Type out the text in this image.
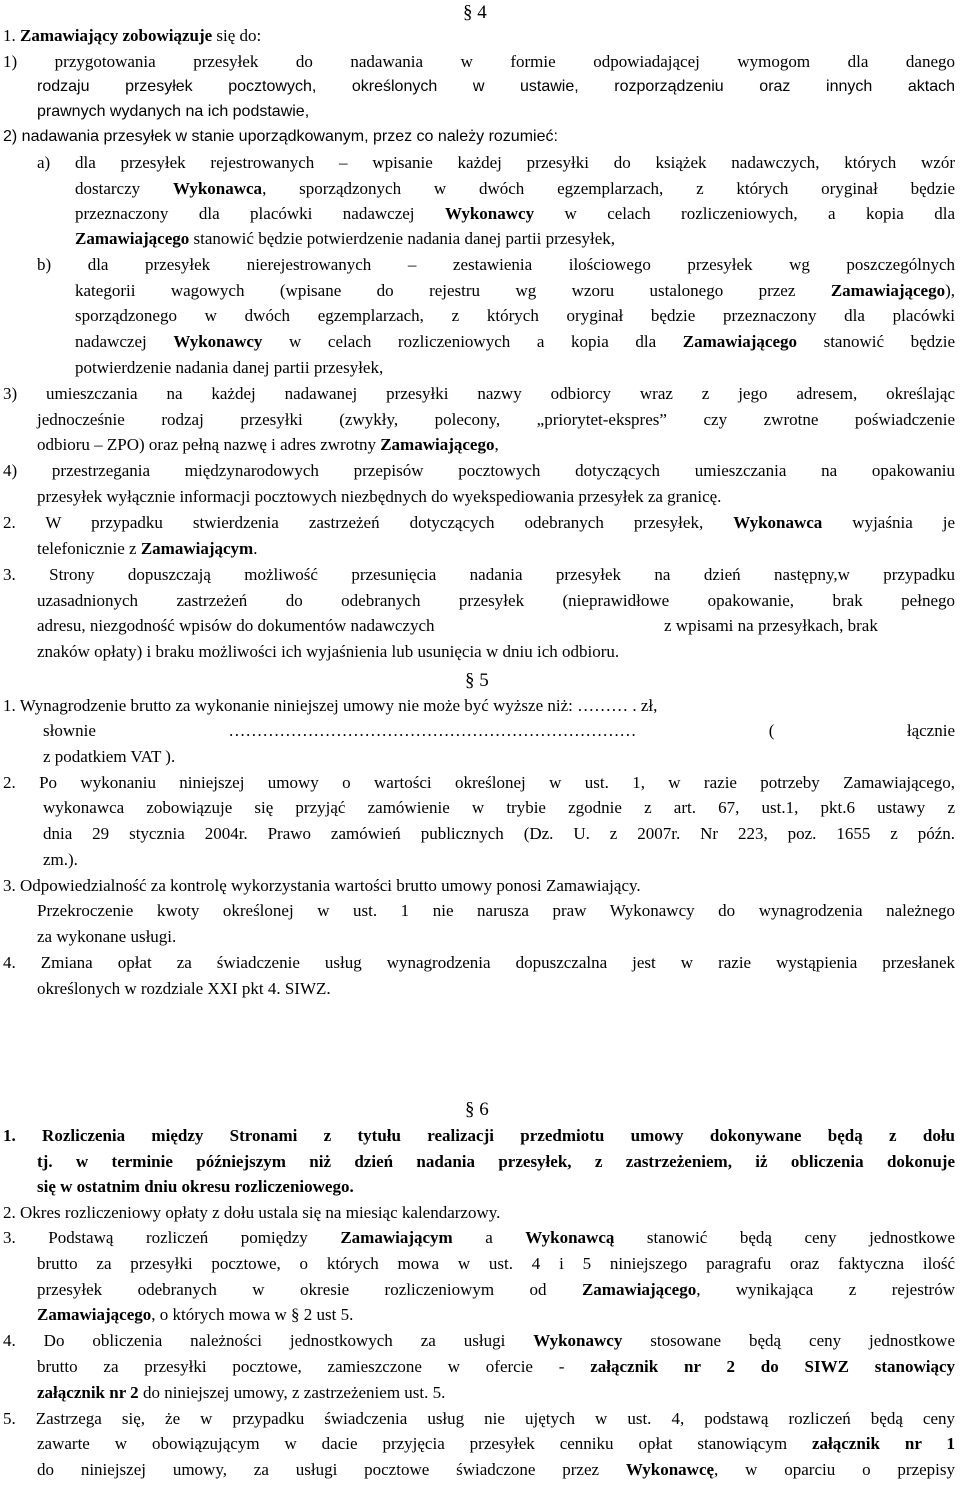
§ 4
1. Zamawiający zobowiązuje się do:
1) przygotowania przesyłek do nadawania w formie odpowiadającej wymogom dla danego
rodzaju przesyłek pocztowych, określonych w ustawie, rozporządzeniu oraz innych aktach
prawnych wydanych na ich podstawie,
2) nadawania przesyłek w stanie uporządkowanym, przez co należy rozumieć:
a) dla przesyłek rejestrowanych – wpisanie każdej przesyłki do książek nadawczych, których wzór
dostarczy Wykonawca, sporządzonych w dwóch egzemplarzach, z których oryginał będzie
przeznaczony dla placówki nadawczej Wykonawcy w celach rozliczeniowych, a kopia dla
Zamawiającego stanowić będzie potwierdzenie nadania danej partii przesyłek,
b) dla przesyłek nierejestrowanych – zestawienia ilościowego przesyłek wg poszczególnych
kategorii wagowych (wpisane do rejestru wg wzoru ustalonego przez Zamawiającego),
sporządzonego w dwóch egzemplarzach, z których oryginał będzie przeznaczony dla placówki
nadawczej Wykonawcy w celach rozliczeniowych a kopia dla Zamawiającego stanowić będzie
potwierdzenie nadania danej partii przesyłek,
3) umieszczania na każdej nadawanej przesyłki nazwy odbiorcy wraz z jego adresem, określając
jednocześnie rodzaj przesyłki (zwykły, polecony, „priorytet-ekspres” czy zwrotne poświadczenie
odbioru – ZPO) oraz pełną nazwę i adres zwrotny Zamawiającego,
4) przestrzegania międzynarodowych przepisów pocztowych dotyczących umieszczania na opakowaniu
przesyłek wyłącznie informacji pocztowych niezbędnych do wyekspediowania przesyłek za granicę.
2. W przypadku stwierdzenia zastrzeżeń dotyczących odebranych przesyłek, Wykonawca wyjaśnia je
telefonicznie z Zamawiającym.
3. Strony dopuszczają możliwość przesunięcia nadania przesyłek na dzień następny,w przypadku
uzasadnionych zastrzeżeń do odebranych przesyłek (nieprawidłowe opakowanie, brak pełnego
adresu, niezgodność wpisów do dokumentów nadawczych	z wpisami na przesyłkach, brak
znaków opłaty) i braku możliwości ich wyjaśnienia lub usunięcia w dniu ich odbioru.
§ 5
1. Wynagrodzenie brutto za wykonanie niniejszej umowy nie może być wyższe niż: ……… . zł,
słownie ……………………………………………………………… ( łącznie
z podatkiem VAT ).
2. Po wykonaniu niniejszej umowy o wartości określonej w ust. 1, w razie potrzeby Zamawiającego,
wykonawca zobowiązuje się przyjąć zamówienie w trybie zgodnie z art. 67, ust.1, pkt.6 ustawy z
dnia 29 stycznia 2004r. Prawo zamówień publicznych (Dz. U. z 2007r. Nr 223, poz. 1655 z późn.
zm.).
3. Odpowiedzialność za kontrolę wykorzystania wartości brutto umowy ponosi Zamawiający.
Przekroczenie kwoty określonej w ust. 1 nie narusza praw Wykonawcy do wynagrodzenia należnego
za wykonane usługi.
4. Zmiana opłat za świadczenie usług wynagrodzenia dopuszczalna jest w razie wystąpienia przesłanek
określonych w rozdziale XXI pkt 4. SIWZ.
§ 6
1. Rozliczenia między Stronami z tytułu realizacji przedmiotu umowy dokonywane będą z dołu
tj. w terminie późniejszym niż dzień nadania przesyłek, z zastrzeżeniem, iż obliczenia dokonuje
się w ostatnim dniu okresu rozliczeniowego.
2. Okres rozliczeniowy opłaty z dołu ustala się na miesiąc kalendarzowy.
3. Podstawą rozliczeń pomiędzy Zamawiającym a Wykonawcą stanowić będą ceny jednostkowe
brutto za przesyłki pocztowe, o których mowa w ust. 4 i 5 niniejszego paragrafu oraz faktyczna ilość
przesyłek odebranych w okresie rozliczeniowym od Zamawiającego, wynikająca z rejestrów
Zamawiającego, o których mowa w § 2 ust 5.
4. Do obliczenia należności jednostkowych za usługi Wykonawcy stosowane będą ceny jednostkowe
brutto za przesyłki pocztowe, zamieszczone w ofercie - załącznik nr 2 do SIWZ stanowiący
załącznik nr 2 do niniejszej umowy, z zastrzeżeniem ust. 5.
5. Zastrzega się, że w przypadku świadczenia usług nie ujętych w ust. 4, podstawą rozliczeń będą ceny
zawarte w obowiązującym w dacie przyjęcia przesyłek cenniku opłat stanowiącym załącznik nr 1
do niniejszej umowy, za usługi pocztowe świadczone przez Wykonawcę, w oparciu o przepisy
